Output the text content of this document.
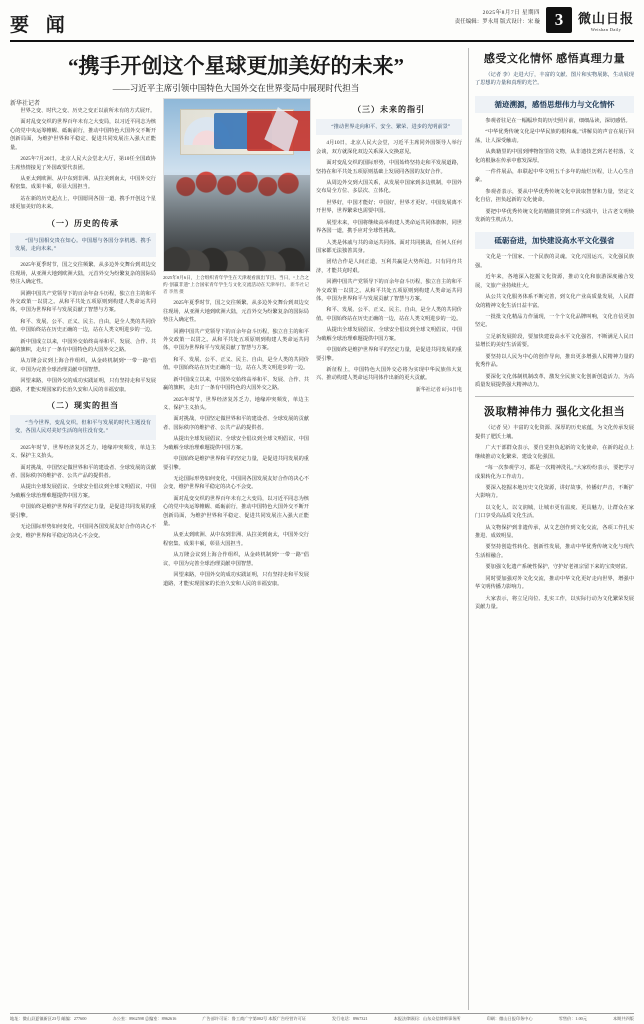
要 闻
2025年8月7日 星期四
责任编辑：罗永用 版式设计：宋 璇 3	微山日报
Weishan Daily
“携手开创这个星球更加美好的未来”
——习近平主席引领中国特色大国外交在世界变局中展现时代担当
新华社记者

世界之变、时代之变、历史之变正以前所未有的方式展开。

面对乱变交织的世界百年未有之大变局，以习近平同志为核心的党中央运筹帷幄、砥砺前行，推动中国特色大国外交不断开创新局面，为维护世界和平稳定、促进共同发展注入强大正能量。

2025年7月20日，北京人民大会堂北大厅，第10任全国政协主席热情接见了外国政要代表团。

从亚太到欧洲、从中东到非洲、从拉美到南太，中国外交行程密集、成果丰硕，彰显大国担当。

站在新的历史起点上，中国愿同各国一道，携手开创这个星球更加美好的未来。

（一）历史的传承
“国与国相交贵在知心。中国愿与各国分享机遇、携手发展，走向未来。”

2025年夏季时节，国之交往频繁。从多边外交舞台到双边交往现场，从亚洲大地到欧洲大陆，元首外交为纷繁复杂的国际局势注入确定性。

回溯中国共产党领导下的百余年奋斗历程，独立自主的和平外交政策一以贯之。从和平共处五项原则到构建人类命运共同体，中国为世界和平与发展贡献了智慧与方案。

和平、发展、公平、正义、民主、自由，是全人类的共同价值。中国始终站在历史正确的一边，站在人类文明进步的一边。

新中国成立以来，中国外交始终高举和平、发展、合作、共赢的旗帜，走出了一条有中国特色的大国外交之路。

从万隆会议到上海合作组织，从金砖机制到“一带一路”倡议，中国为完善全球治理贡献中国智慧。

回望来路，中国外交的成功实践证明，只有坚持走和平发展道路，才能实现国家的长治久安和人民的幸福安康。

（二）现实的担当
“当今世界，变乱交织。但和平与发展的时代主题没有变，各国人民对美好生活的向往没有变。”

2025年时节，世界经济复苏乏力，地缘冲突频发，单边主义、保护主义抬头。

面对挑战，中国坚定做世界和平的建设者、全球发展的贡献者、国际秩序的维护者、公共产品的提供者。

从提出全球发展倡议、全球安全倡议到全球文明倡议，中国为破解全球治理难题提供中国方案。

中国始终是维护世界和平的坚定力量，是促进共同发展的重要引擎。

无论国际形势如何变化，中国同各国发展友好合作的决心不会变，维护世界和平稳定的决心不会变。

2025年8月6日，上合组织青年学生在天津观看演出节目。当日，“上合之约·创赢非遗”上合国家青年学生与文化交流活动在天津举行。 新华社记者 李然 摄

2025年夏季时节，国之交往频繁。从多边外交舞台到双边交往现场，从亚洲大地到欧洲大陆，元首外交为纷繁复杂的国际局势注入确定性。

回溯中国共产党领导下的百余年奋斗历程，独立自主的和平外交政策一以贯之。从和平共处五项原则到构建人类命运共同体，中国为世界和平与发展贡献了智慧与方案。

和平、发展、公平、正义、民主、自由，是全人类的共同价值。中国始终站在历史正确的一边，站在人类文明进步的一边。

新中国成立以来，中国外交始终高举和平、发展、合作、共赢的旗帜，走出了一条有中国特色的大国外交之路。

2025年时节，世界经济复苏乏力，地缘冲突频发，单边主义、保护主义抬头。

面对挑战，中国坚定做世界和平的建设者、全球发展的贡献者、国际秩序的维护者、公共产品的提供者。

从提出全球发展倡议、全球安全倡议到全球文明倡议，中国为破解全球治理难题提供中国方案。

中国始终是维护世界和平的坚定力量，是促进共同发展的重要引擎。

无论国际形势如何变化，中国同各国发展友好合作的决心不会变，维护世界和平稳定的决心不会变。

面对乱变交织的世界百年未有之大变局，以习近平同志为核心的党中央运筹帷幄、砥砺前行，推动中国特色大国外交不断开创新局面，为维护世界和平稳定、促进共同发展注入强大正能量。

从亚太到欧洲、从中东到非洲、从拉美到南太，中国外交行程密集、成果丰硕，彰显大国担当。

从万隆会议到上海合作组织，从金砖机制到“一带一路”倡议，中国为完善全球治理贡献中国智慧。

回望来路，中国外交的成功实践证明，只有坚持走和平发展道路，才能实现国家的长治久安和人民的幸福安康。

（三）未来的指引
“推动世界走向和平、安全、繁荣、进步的光明前景”

4月10日，北京人民大会堂，习近平主席同外国领导人举行会谈，双方就深化双边关系深入交换意见。

面对变乱交织的国际形势，中国始终坚持走和平发展道路，坚持在和平共处五项原则基础上发展同各国的友好合作。

从周边外交到大国关系，从发展中国家到多边机制，中国外交布局全方位、多层次、立体化。

世界好，中国才能好；中国好，世界才更好。中国发展离不开世界，世界繁荣也需要中国。

展望未来，中国将继续高举构建人类命运共同体旗帜，同世界各国一道，携手应对全球性挑战。

人类是休戚与共的命运共同体。面对共同挑战，任何人任何国家都无法独善其身。

团结合作是人间正道，互利共赢是大势所趋。只有同舟共济，才能共克时艰。

回溯中国共产党领导下的百余年奋斗历程，独立自主的和平外交政策一以贯之。从和平共处五项原则到构建人类命运共同体，中国为世界和平与发展贡献了智慧与方案。

和平、发展、公平、正义、民主、自由，是全人类的共同价值。中国始终站在历史正确的一边，站在人类文明进步的一边。

从提出全球发展倡议、全球安全倡议到全球文明倡议，中国为破解全球治理难题提供中国方案。

中国始终是维护世界和平的坚定力量，是促进共同发展的重要引擎。

新征程上，中国特色大国外交必将为实现中华民族伟大复兴、推动构建人类命运共同体作出新的更大贡献。

新华社记者 8月6日电
感受文化情怀 感悟真理力量
（记者 李）走进大厅，丰富的文献、图片和实物展陈，生动展现了思想的力量和真理的光芒。
循迹溯源，感悟思想伟力与文化情怀

参观者驻足在一幅幅珍贵的历史照片前，细细品读，深切感悟。

“中华优秀传统文化是中华民族的根和魂。”讲解员的声音在展厅回荡，让人深受触动。

从典籍里的中国到博物馆里的文物，从非遗技艺到古老村落，文化的根脉在传承中愈发深厚。

一件件展品，串联起中华文明五千多年的灿烂历程，让人心生自豪。

参观者表示，要从中华优秀传统文化中汲取智慧和力量，坚定文化自信，担负起新的文化使命。

要把中华优秀传统文化的精髓贯穿到工作实践中，让古老文明焕发新的生机活力。

砥砺奋进，加快建设高水平文化强省

文化是一个国家、一个民族的灵魂。文化兴国运兴，文化强民族强。

近年来，各地深入挖掘文化资源，推动文化和旅游深度融合发展，文旅产业持续壮大。

从公共文化服务体系不断完善，到文化产业高质量发展，人民群众的精神文化生活日益丰富。

一批批文化精品力作涌现，一个个文化品牌叫响，文化自信更加坚定。

立足新发展阶段，要加快建设高水平文化强省，不断满足人民日益增长的美好生活需要。

要坚持以人民为中心的创作导向，推出更多增强人民精神力量的优秀作品。

要深化文化体制机制改革，激发全民族文化创新创造活力，为高质量发展提供强大精神动力。

汲取精神伟力 强化文化担当

（记者 吴）丰富的文化资源、深厚的历史底蕴，为文化传承发展提供了肥沃土壤。

广大干部群众表示，要自觉担负起新的文化使命，在新的起点上继续推动文化繁荣、建设文化强国。

“每一次参观学习，都是一次精神洗礼。”大家纷纷表示，要把学习成果转化为工作动力。

要深入挖掘本地历史文化资源，讲好故事，传播好声音，不断扩大影响力。

以文化人、以文润城，让城市更有温度、更具魅力，让群众在家门口享受高品质文化生活。

从文物保护到非遗传承，从文艺创作到文化交流，各项工作扎实推进、成效明显。

要坚持创造性转化、创新性发展，推动中华优秀传统文化与现代生活相融合。

要加强文化遗产系统性保护，守护好老祖宗留下来的宝贵财富。

同时要加强对外文化交流，推动中华文化更好走向世界，增强中华文明传播力影响力。

大家表示，将立足岗位、扎实工作，以实际行动为文化繁荣发展贡献力量。

地址：微山县夏镇新区23号 邮编：277600	办公室：8962598 总编室：8962616	广告部许可证：鲁工商广字第002号 本版广告经营许可证	发行电话：8967321	本报法律顾问：山东众信律师事务所	印刷：微山日报印务中心	零售价：1.00元	本期共四版
